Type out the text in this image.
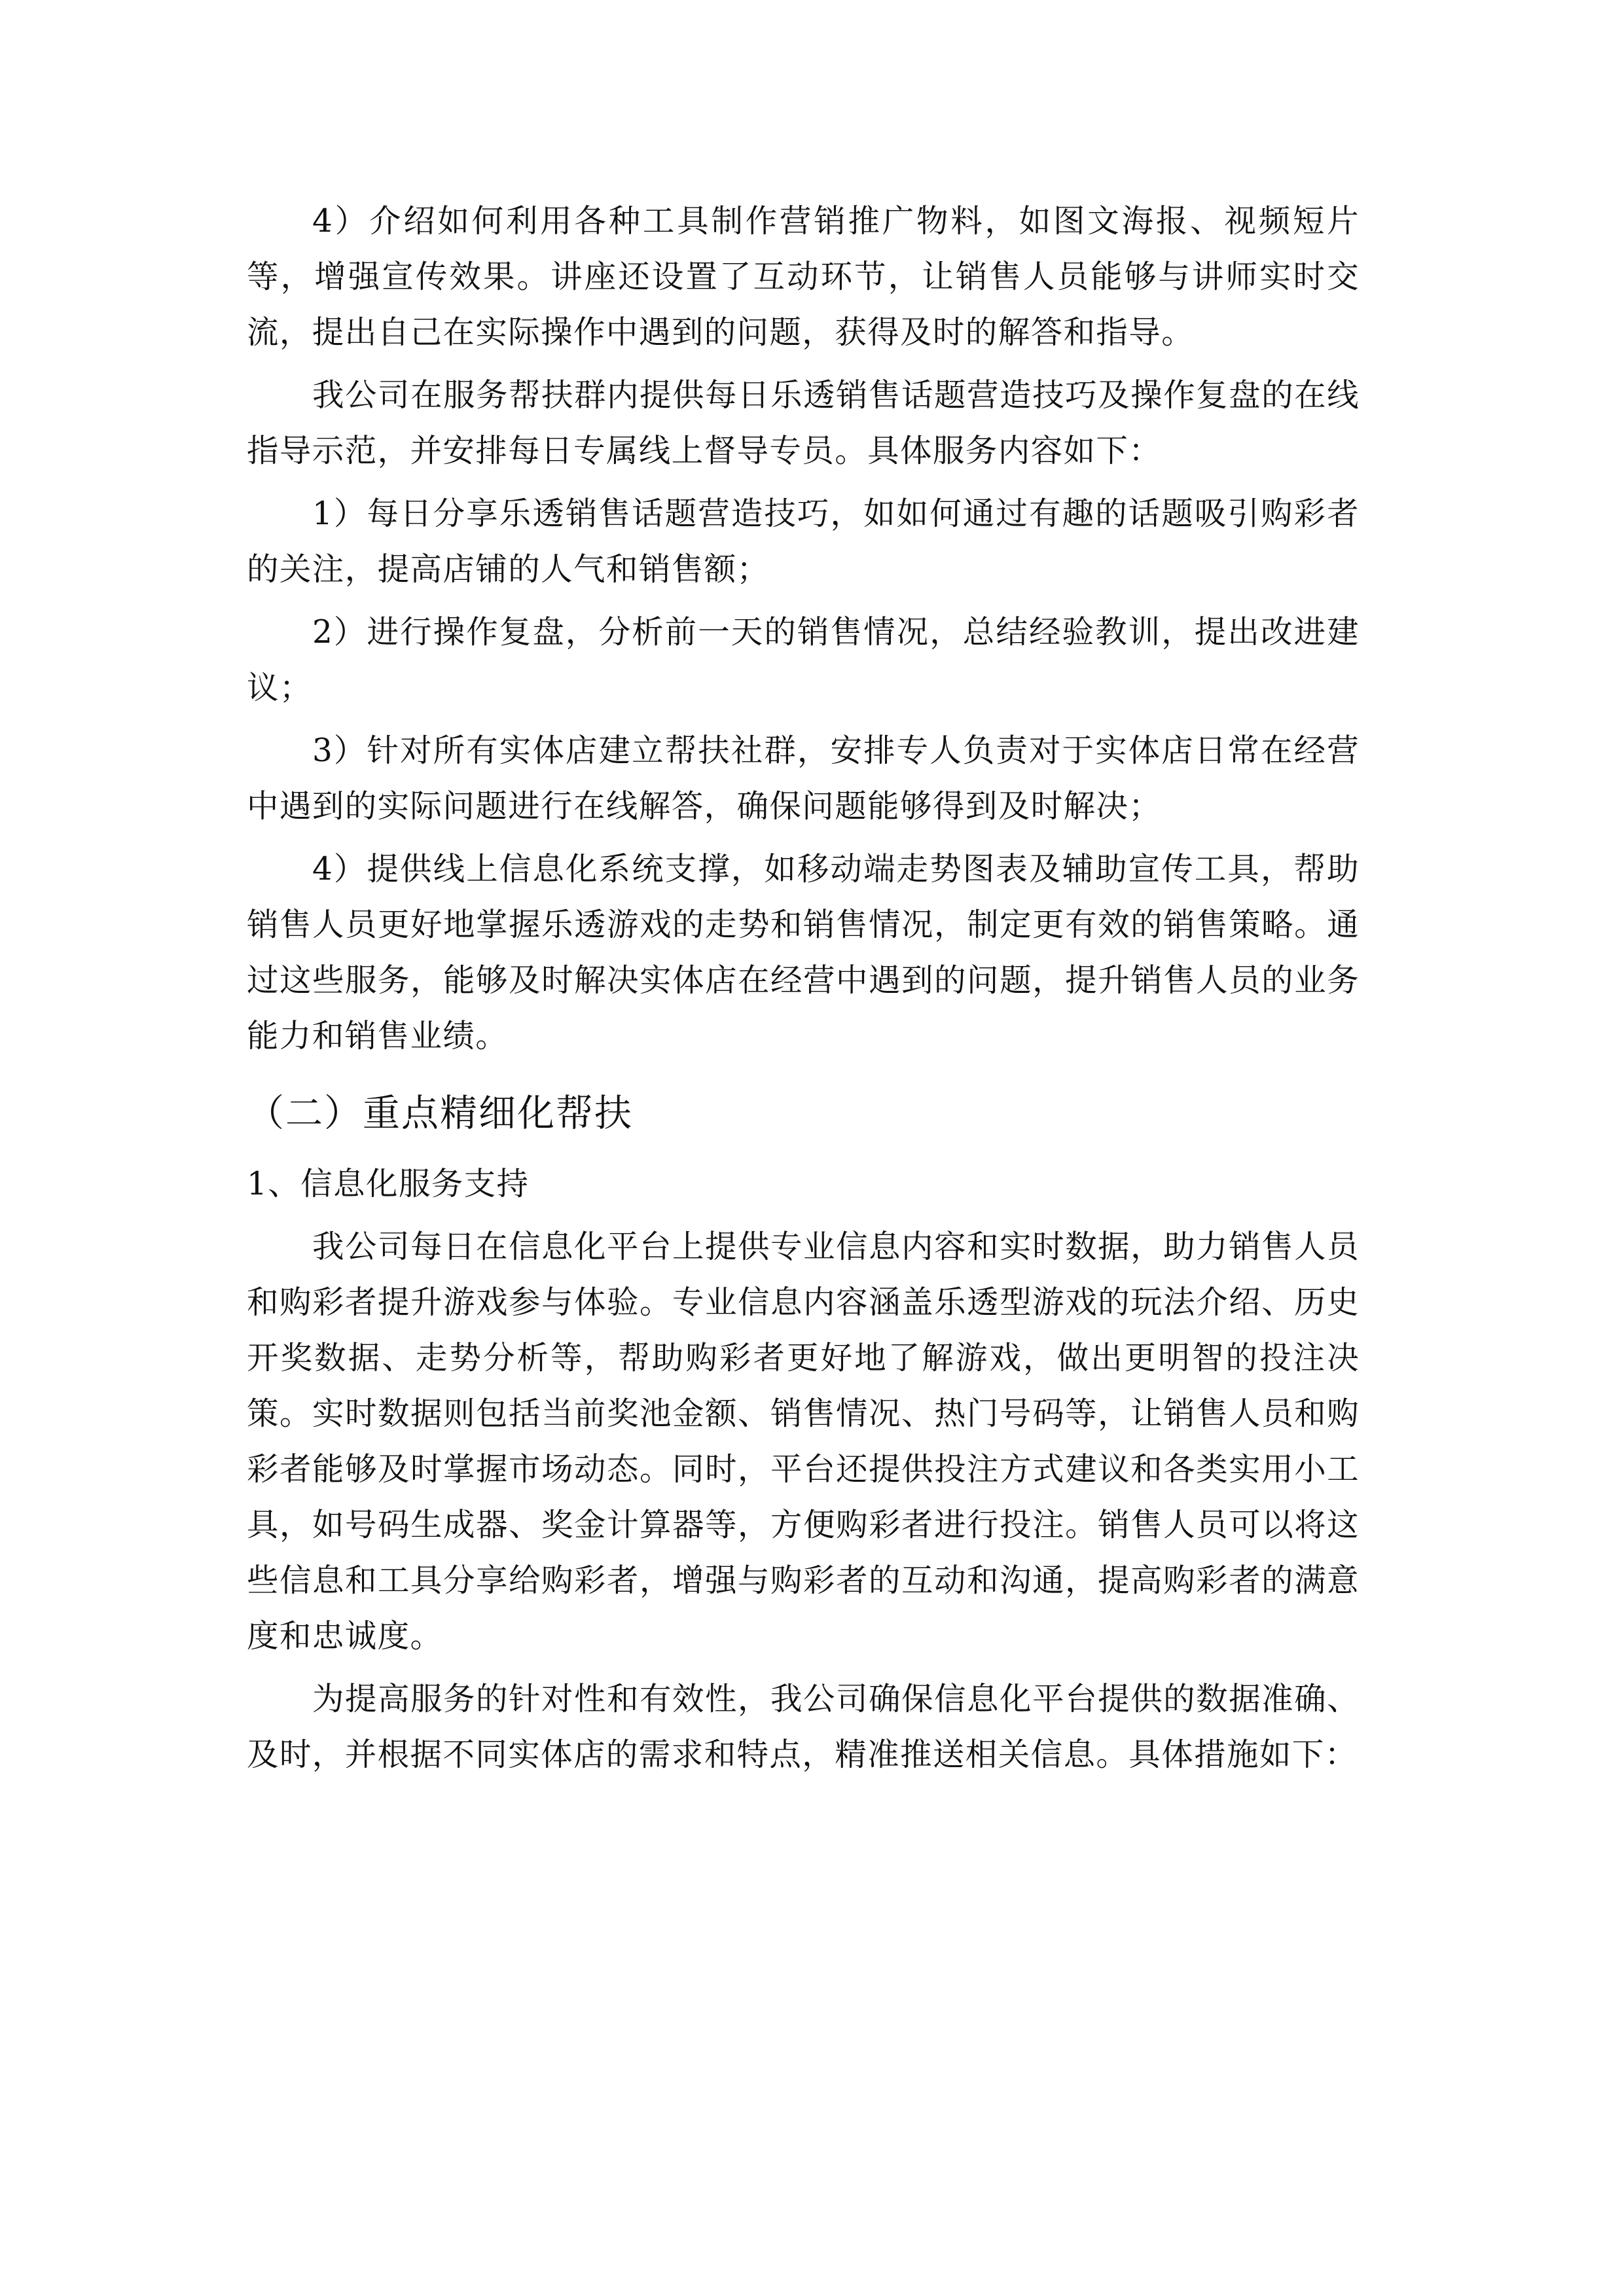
4）介绍如何利用各种工具制作营销推广物料，如图文海报、视频短片等，增强宣传效果。讲座还设置了互动环节，让销售人员能够与讲师实时交流，提出自己在实际操作中遇到的问题，获得及时的解答和指导。

我公司在服务帮扶群内提供每日乐透销售话题营造技巧及操作复盘的在线指导示范，并安排每日专属线上督导专员。具体服务内容如下：

1）每日分享乐透销售话题营造技巧，如如何通过有趣的话题吸引购彩者的关注，提高店铺的人气和销售额；

2）进行操作复盘，分析前一天的销售情况，总结经验教训，提出改进建议；

3）针对所有实体店建立帮扶社群，安排专人负责对于实体店日常在经营中遇到的实际问题进行在线解答，确保问题能够得到及时解决；

4）提供线上信息化系统支撑，如移动端走势图表及辅助宣传工具，帮助销售人员更好地掌握乐透游戏的走势和销售情况，制定更有效的销售策略。通过这些服务，能够及时解决实体店在经营中遇到的问题，提升销售人员的业务能力和销售业绩。

（二）重点精细化帮扶
1、信息化服务支持

我公司每日在信息化平台上提供专业信息内容和实时数据，助力销售人员和购彩者提升游戏参与体验。专业信息内容涵盖乐透型游戏的玩法介绍、历史开奖数据、走势分析等，帮助购彩者更好地了解游戏，做出更明智的投注决策。实时数据则包括当前奖池金额、销售情况、热门号码等，让销售人员和购彩者能够及时掌握市场动态。同时，平台还提供投注方式建议和各类实用小工具，如号码生成器、奖金计算器等，方便购彩者进行投注。销售人员可以将这些信息和工具分享给购彩者，增强与购彩者的互动和沟通，提高购彩者的满意度和忠诚度。

为提高服务的针对性和有效性，我公司确保信息化平台提供的数据准确、及时，并根据不同实体店的需求和特点，精准推送相关信息。具体措施如下：
